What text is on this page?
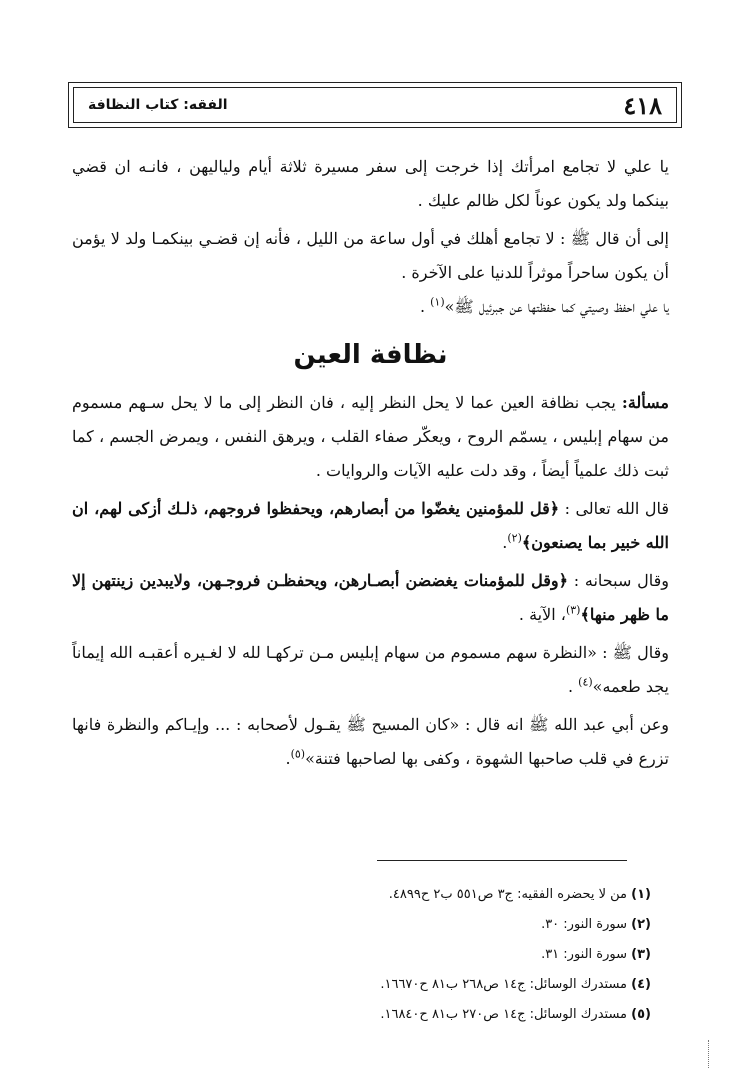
٤١٨
الفقه: كتاب النظافة

يا علي لا تجامع امرأتك إذا خرجت إلى سفر مسيرة ثلاثة أيام ولياليهن ، فانـه ان قضي بينكما ولد يكون عوناً لكل ظالم عليك .

إلى أن قال ﷺ : لا تجامع أهلك في أول ساعة من الليل ، فأنه إن قضـي بينكمـا ولد لا يؤمن أن يكون ساحراً موثراً للدنيا على الآخرة .

يا علي احفظ وصيتي كما حفظتها عن جبرئيل ﷺ»$^{(١)}$ .

نظافة العين

مسألة: يجب نظافة العين عما لا يحل النظر إليه ، فان النظر إلى ما لا يحل سـهم مسموم من سهام إبليس ، يسمّم الروح ، ويعكّر صفاء القلب ، ويرهق النفس ، ويمرض الجسم ، كما ثبت ذلك علمياً أيضاً ، وقد دلت عليه الآيات والروايات .

قال الله تعالى : ﴿قل للمؤمنين يغضّوا من أبصارهم، ويحفظوا فروجهم، ذلـك أزكى لهم، ان الله خبير بما يصنعون﴾$^{(٢)}$.

وقال سبحانه : ﴿وقل للمؤمنات يغضضن أبصـارهن، ويحفظـن فروجـهن، ولايبدين زينتهن إلا ما ظهر منها﴾$^{(٣)}$، الآية .

وقال ﷺ : «النظرة سهم مسموم من سهام إبليس مـن تركهـا لله لا لغـيره أعقبـه الله إيماناً يجد طعمه»$^{(٤)}$ .

وعن أبي عبد الله ﷺ انه قال : «كان المسيح ﷺ يقـول لأصحابه : ... وإيـاكم والنظرة فانها تزرع في قلب صاحبها الشهوة ، وكفى بها لصاحبها فتنة»$^{(٥)}$.

(١) من لا يحضره الفقيه: ج٣ ص٥٥١ ب٢ ح٤٨٩٩.
(٢) سورة النور: ٣٠.
(٣) سورة النور: ٣١.
(٤) مستدرك الوسائل: ج١٤ ص٢٦٨ ب٨١ ح١٦٦٧٠.
(٥) مستدرك الوسائل: ج١٤ ص٢٧٠ ب٨١ ح١٦٨٤٠.
